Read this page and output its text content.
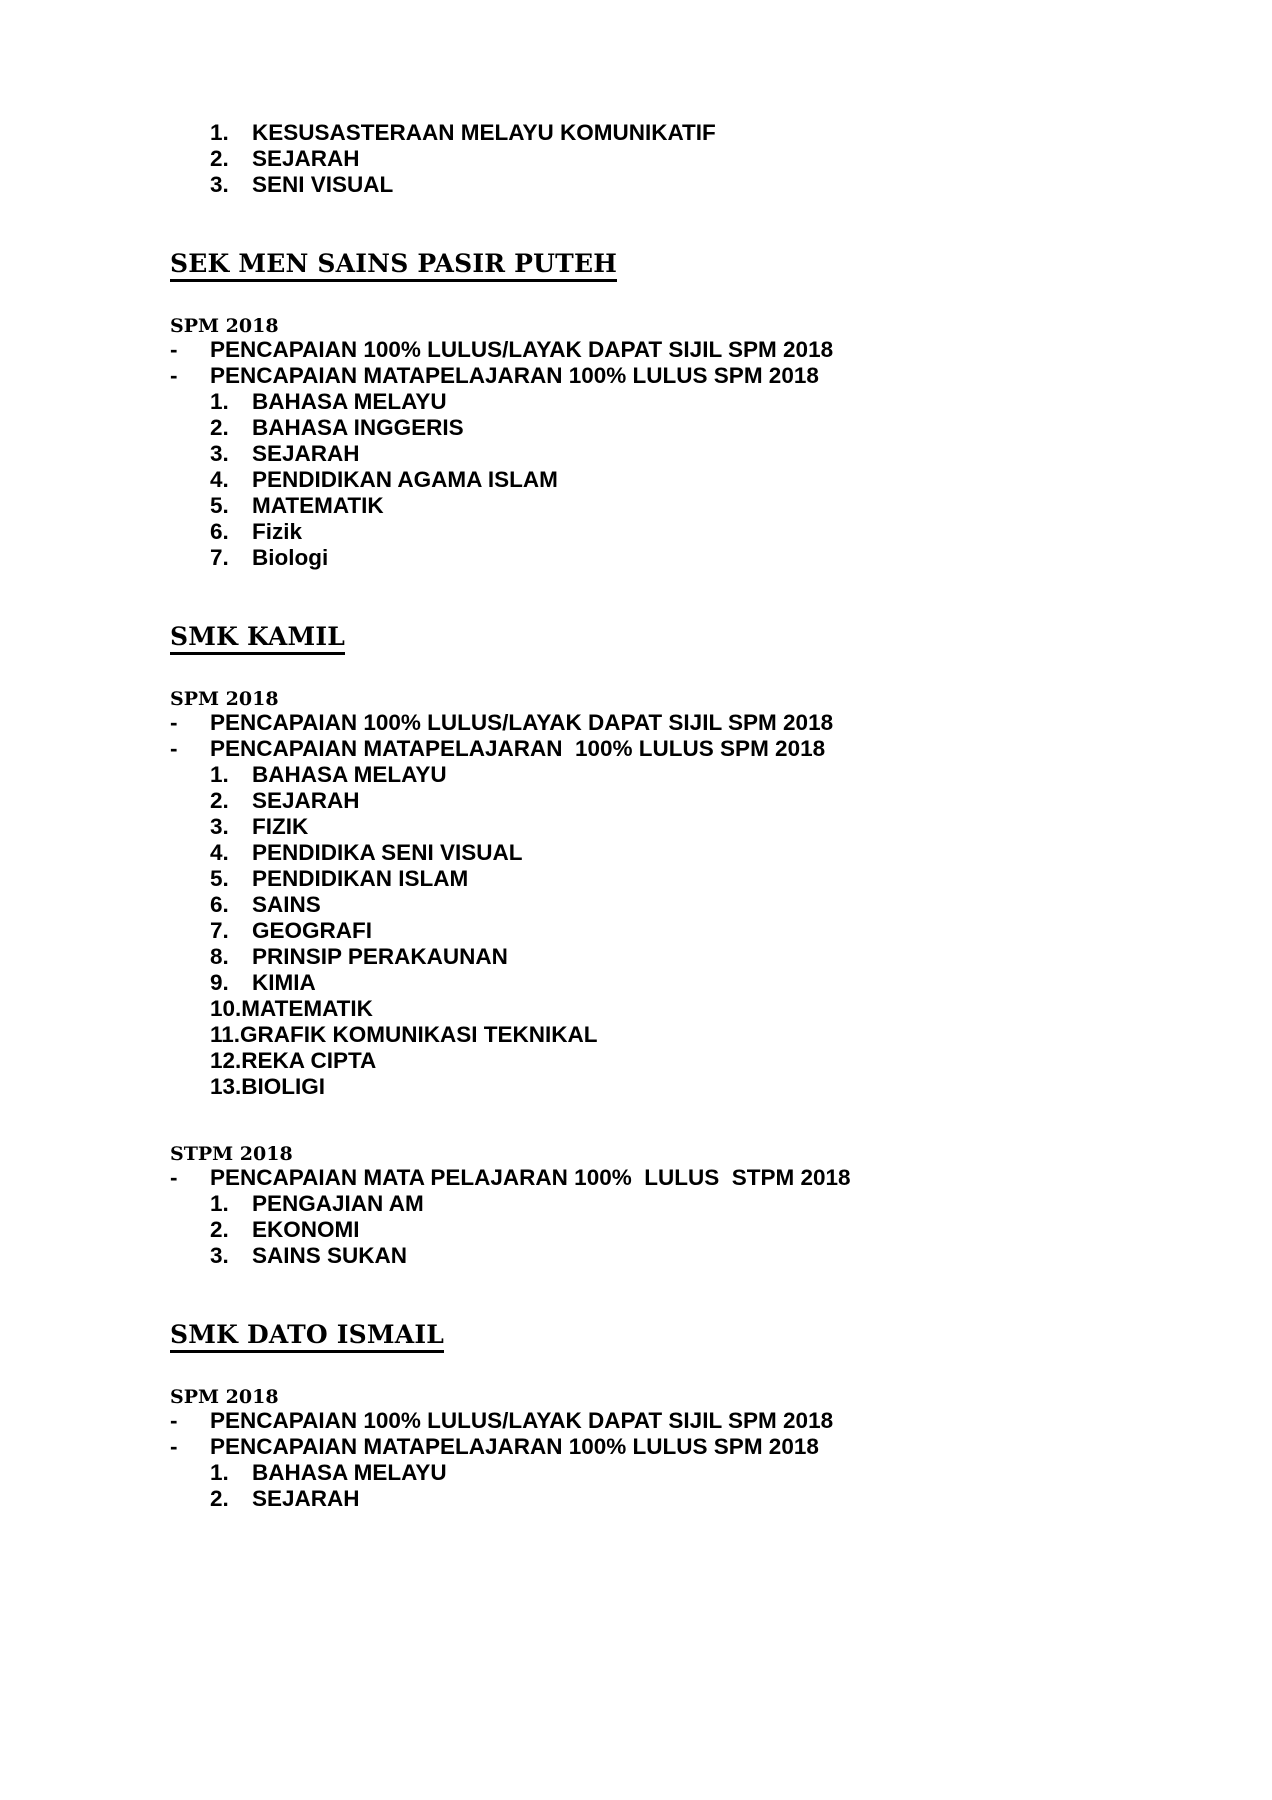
1.	KESUSASTERAAN MELAYU KOMUNIKATIF
2.	SEJARAH
3.	SENI VISUAL
SEK MEN SAINS PASIR PUTEH
SPM 2018
-	PENCAPAIAN 100% LULUS/LAYAK DAPAT SIJIL SPM 2018
-	PENCAPAIAN MATAPELAJARAN 100% LULUS SPM 2018
1.	BAHASA MELAYU
2.	BAHASA INGGERIS
3.	SEJARAH
4.	PENDIDIKAN AGAMA ISLAM
5.	MATEMATIK
6.	Fizik
7.	Biologi
SMK KAMIL
SPM 2018
-	PENCAPAIAN 100% LULUS/LAYAK DAPAT SIJIL SPM 2018
-	PENCAPAIAN MATAPELAJARAN  100% LULUS SPM 2018
1.	BAHASA MELAYU
2.	SEJARAH
3.	FIZIK
4.	PENDIDIKA SENI VISUAL
5.	PENDIDIKAN ISLAM
6.	SAINS
7.	GEOGRAFI
8.	PRINSIP PERAKAUNAN
9.	KIMIA
10. MATEMATIK
11. GRAFIK KOMUNIKASI TEKNIKAL
12. REKA CIPTA
13. BIOLIGI
STPM 2018
-	PENCAPAIAN MATA PELAJARAN 100%  LULUS  STPM 2018
1.	PENGAJIAN AM
2.	EKONOMI
3.	SAINS SUKAN
SMK DATO ISMAIL
SPM 2018
-	PENCAPAIAN 100% LULUS/LAYAK DAPAT SIJIL SPM 2018
-	PENCAPAIAN MATAPELAJARAN 100% LULUS SPM 2018
1.	BAHASA MELAYU
2.	SEJARAH
